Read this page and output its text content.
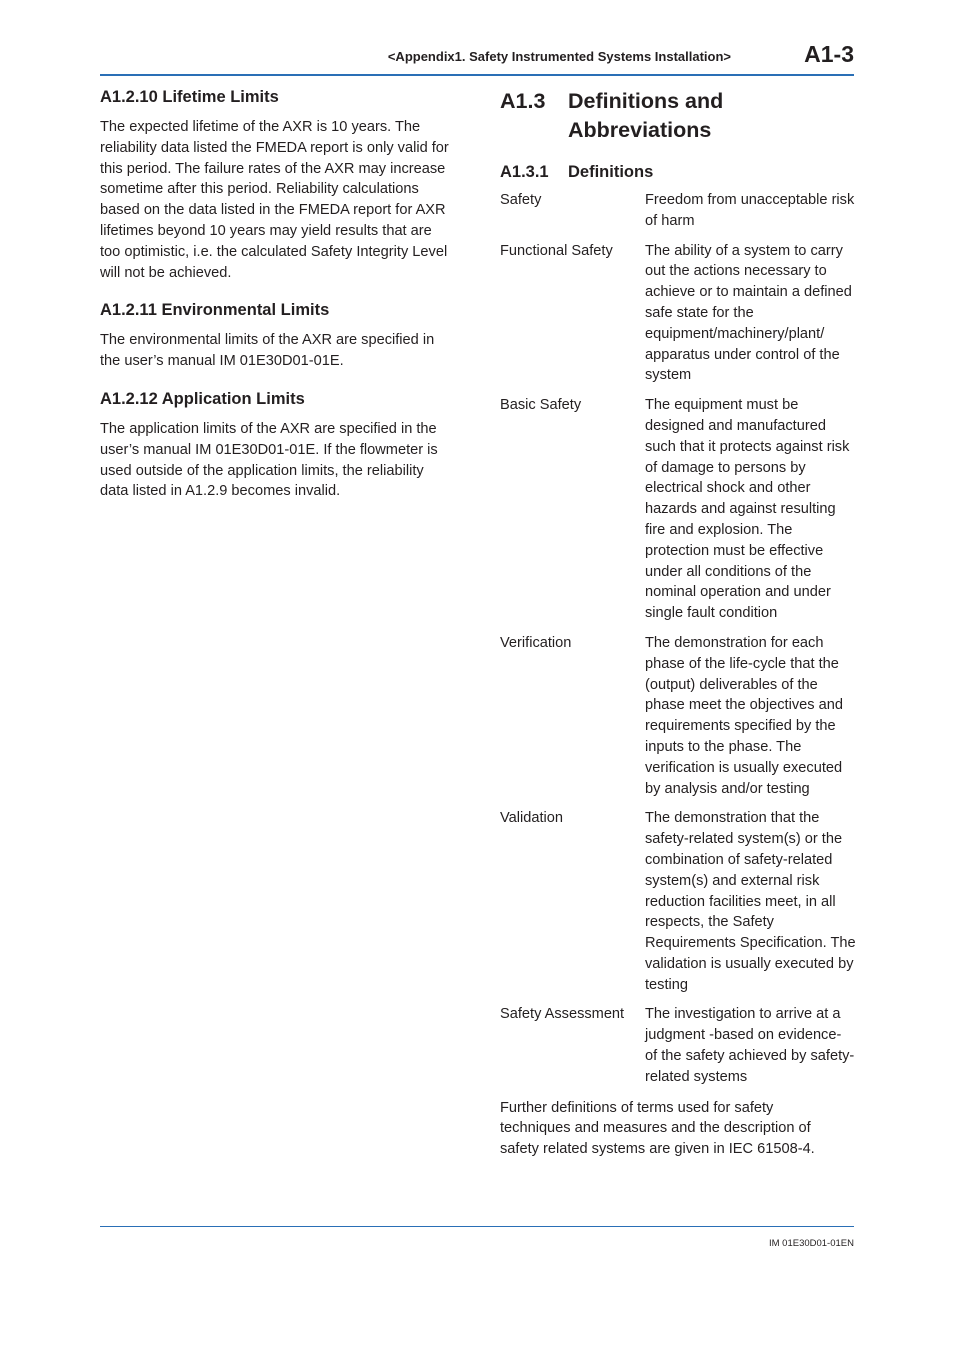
<Appendix1. Safety Instrumented Systems Installation>	A1-3
A1.2.10 Lifetime Limits

The expected lifetime of the AXR is 10 years. The reliability data listed the FMEDA report is only valid for this period. The failure rates of the AXR may increase sometime after this period. Reliability calculations based on the data listed in the FMEDA report for AXR lifetimes beyond 10 years may yield results that are too optimistic, i.e. the calculated Safety Integrity Level will not be achieved.

A1.2.11 Environmental Limits

The environmental limits of the AXR are specified in the user’s manual IM 01E30D01-01E.

A1.2.12 Application Limits

The application limits of the AXR are specified in the user’s manual IM 01E30D01-01E. If the flowmeter is used outside of the application limits, the reliability data listed in A1.2.9 becomes invalid.

A1.3	Definitions and Abbreviations
A1.3.1	Definitions
Safety	Freedom from unacceptable risk of harm
Functional Safety	The ability of a system to carry out the actions necessary to achieve or to maintain a defined safe state for the equipment/machinery/plant/ apparatus under control of the system
Basic Safety	The equipment must be designed and manufactured such that it protects against risk of damage to persons by electrical shock and other hazards and against resulting fire and explosion. The protection must be effective under all conditions of the nominal operation and under single fault condition
Verification	The demonstration for each phase of the life-cycle that the (output) deliverables of the phase meet the objectives and requirements specified by the inputs to the phase. The verification is usually executed by analysis and/or testing
Validation	The demonstration that the safety-related system(s) or the combination of safety-related system(s) and external risk reduction facilities meet, in all respects, the Safety Requirements Specification. The validation is usually executed by testing
Safety Assessment	The investigation to arrive at a judgment -based on evidence- of the safety achieved by safety-related systems

Further definitions of terms used for safety techniques and measures and the description of safety related systems are given in IEC 61508-4.

IM 01E30D01-01EN
